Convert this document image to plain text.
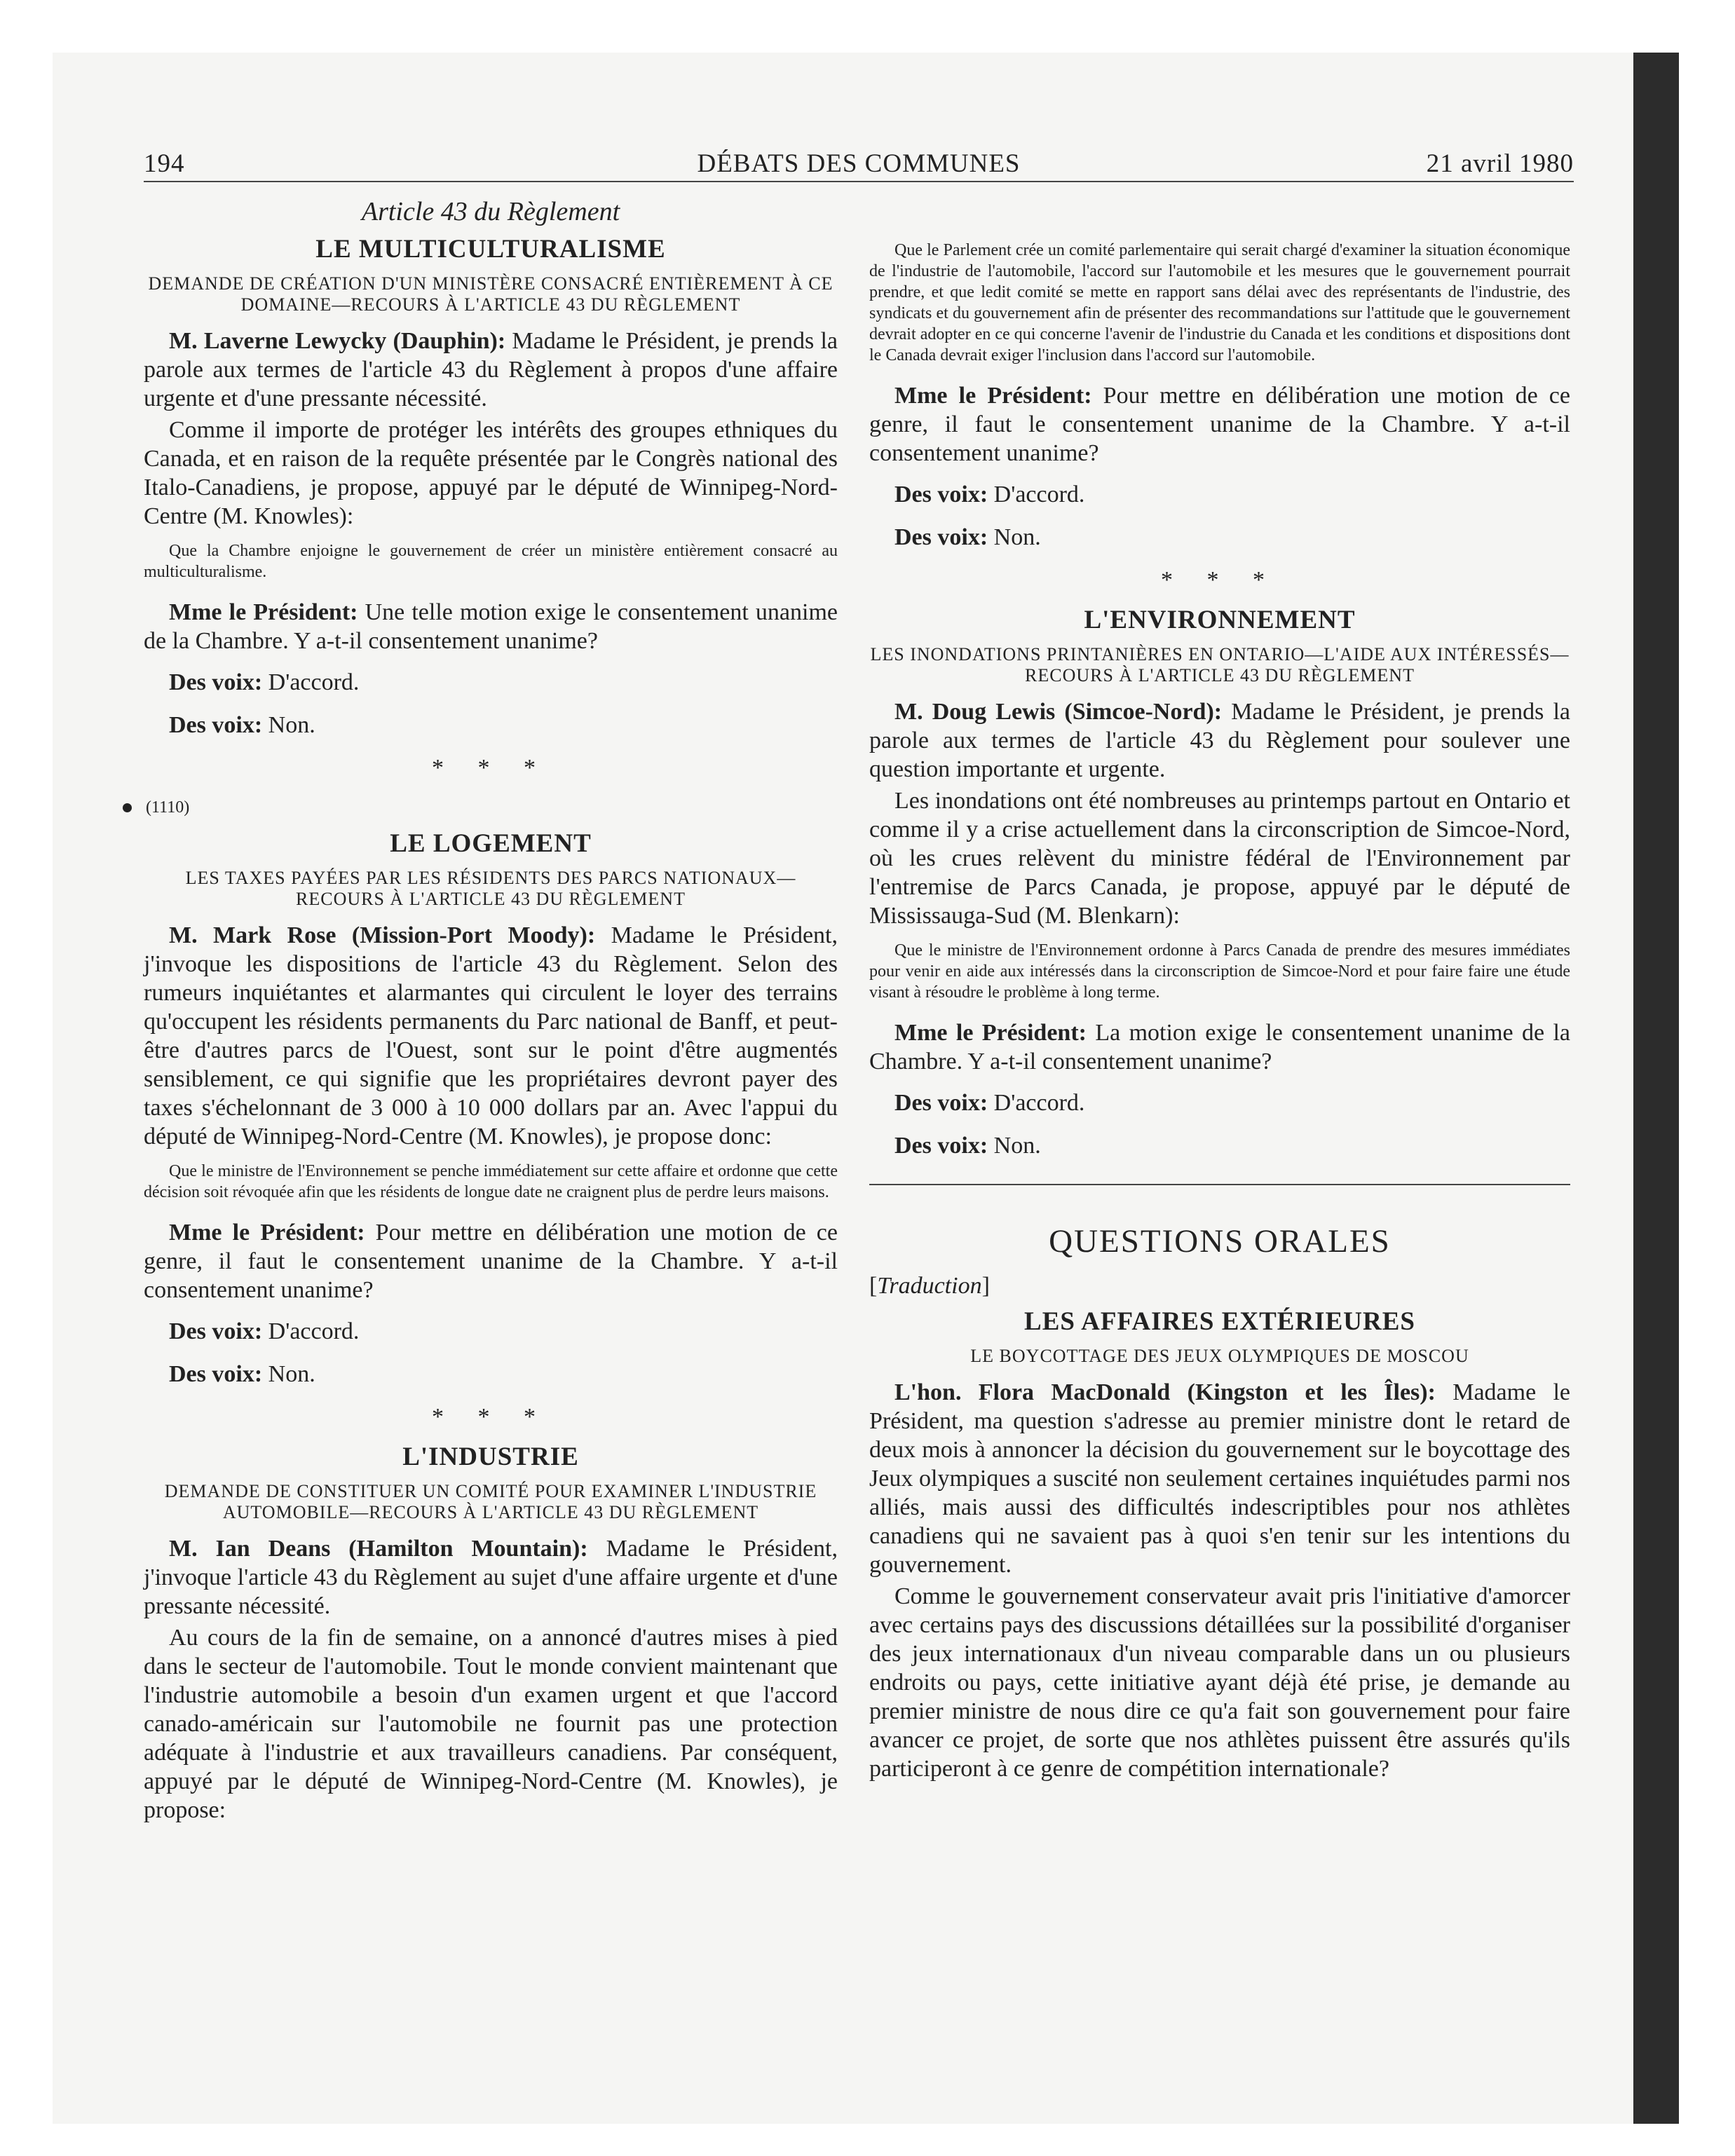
194	DÉBATS DES COMMUNES	21 avril 1980
Article 43 du Règlement
LE MULTICULTURALISME
DEMANDE DE CRÉATION D'UN MINISTÈRE CONSACRÉ ENTIÈREMENT À CE DOMAINE—RECOURS À L'ARTICLE 43 DU RÈGLEMENT

M. Laverne Lewycky (Dauphin): Madame le Président, je prends la parole aux termes de l'article 43 du Règlement à propos d'une affaire urgente et d'une pressante nécessité.

Comme il importe de protéger les intérêts des groupes ethniques du Canada, et en raison de la requête présentée par le Congrès national des Italo-Canadiens, je propose, appuyé par le député de Winnipeg-Nord-Centre (M. Knowles):

Que la Chambre enjoigne le gouvernement de créer un ministère entièrement consacré au multiculturalisme.

Mme le Président: Une telle motion exige le consentement unanime de la Chambre. Y a-t-il consentement unanime?

Des voix: D'accord.

Des voix: Non.

* * *
(1110)
LE LOGEMENT
LES TAXES PAYÉES PAR LES RÉSIDENTS DES PARCS NATIONAUX—RECOURS À L'ARTICLE 43 DU RÈGLEMENT

M. Mark Rose (Mission-Port Moody): Madame le Président, j'invoque les dispositions de l'article 43 du Règlement. Selon des rumeurs inquiétantes et alarmantes qui circulent le loyer des terrains qu'occupent les résidents permanents du Parc national de Banff, et peut-être d'autres parcs de l'Ouest, sont sur le point d'être augmentés sensiblement, ce qui signifie que les propriétaires devront payer des taxes s'échelonnant de 3 000 à 10 000 dollars par an. Avec l'appui du député de Winnipeg-Nord-Centre (M. Knowles), je propose donc:

Que le ministre de l'Environnement se penche immédiatement sur cette affaire et ordonne que cette décision soit révoquée afin que les résidents de longue date ne craignent plus de perdre leurs maisons.

Mme le Président: Pour mettre en délibération une motion de ce genre, il faut le consentement unanime de la Chambre. Y a-t-il consentement unanime?

Des voix: D'accord.

Des voix: Non.

* * *
L'INDUSTRIE
DEMANDE DE CONSTITUER UN COMITÉ POUR EXAMINER L'INDUSTRIE AUTOMOBILE—RECOURS À L'ARTICLE 43 DU RÈGLEMENT

M. Ian Deans (Hamilton Mountain): Madame le Président, j'invoque l'article 43 du Règlement au sujet d'une affaire urgente et d'une pressante nécessité.

Au cours de la fin de semaine, on a annoncé d'autres mises à pied dans le secteur de l'automobile. Tout le monde convient maintenant que l'industrie automobile a besoin d'un examen urgent et que l'accord canado-américain sur l'automobile ne fournit pas une protection adéquate à l'industrie et aux travailleurs canadiens. Par conséquent, appuyé par le député de Winnipeg-Nord-Centre (M. Knowles), je propose:

Que le Parlement crée un comité parlementaire qui serait chargé d'examiner la situation économique de l'industrie de l'automobile, l'accord sur l'automobile et les mesures que le gouvernement pourrait prendre, et que ledit comité se mette en rapport sans délai avec des représentants de l'industrie, des syndicats et du gouvernement afin de présenter des recommandations sur l'attitude que le gouvernement devrait adopter en ce qui concerne l'avenir de l'industrie du Canada et les conditions et dispositions dont le Canada devrait exiger l'inclusion dans l'accord sur l'automobile.

Mme le Président: Pour mettre en délibération une motion de ce genre, il faut le consentement unanime de la Chambre. Y a-t-il consentement unanime?

Des voix: D'accord.

Des voix: Non.

* * *
L'ENVIRONNEMENT
LES INONDATIONS PRINTANIÈRES EN ONTARIO—L'AIDE AUX INTÉRESSÉS—RECOURS À L'ARTICLE 43 DU RÈGLEMENT

M. Doug Lewis (Simcoe-Nord): Madame le Président, je prends la parole aux termes de l'article 43 du Règlement pour soulever une question importante et urgente.

Les inondations ont été nombreuses au printemps partout en Ontario et comme il y a crise actuellement dans la circonscription de Simcoe-Nord, où les crues relèvent du ministre fédéral de l'Environnement par l'entremise de Parcs Canada, je propose, appuyé par le député de Mississauga-Sud (M. Blenkarn):

Que le ministre de l'Environnement ordonne à Parcs Canada de prendre des mesures immédiates pour venir en aide aux intéressés dans la circonscription de Simcoe-Nord et pour faire faire une étude visant à résoudre le problème à long terme.

Mme le Président: La motion exige le consentement unanime de la Chambre. Y a-t-il consentement unanime?

Des voix: D'accord.

Des voix: Non.

QUESTIONS ORALES
[Traduction]
LES AFFAIRES EXTÉRIEURES
LE BOYCOTTAGE DES JEUX OLYMPIQUES DE MOSCOU

L'hon. Flora MacDonald (Kingston et les Îles): Madame le Président, ma question s'adresse au premier ministre dont le retard de deux mois à annoncer la décision du gouvernement sur le boycottage des Jeux olympiques a suscité non seulement certaines inquiétudes parmi nos alliés, mais aussi des difficultés indescriptibles pour nos athlètes canadiens qui ne savaient pas à quoi s'en tenir sur les intentions du gouvernement.

Comme le gouvernement conservateur avait pris l'initiative d'amorcer avec certains pays des discussions détaillées sur la possibilité d'organiser des jeux internationaux d'un niveau comparable dans un ou plusieurs endroits ou pays, cette initiative ayant déjà été prise, je demande au premier ministre de nous dire ce qu'a fait son gouvernement pour faire avancer ce projet, de sorte que nos athlètes puissent être assurés qu'ils participeront à ce genre de compétition internationale?
